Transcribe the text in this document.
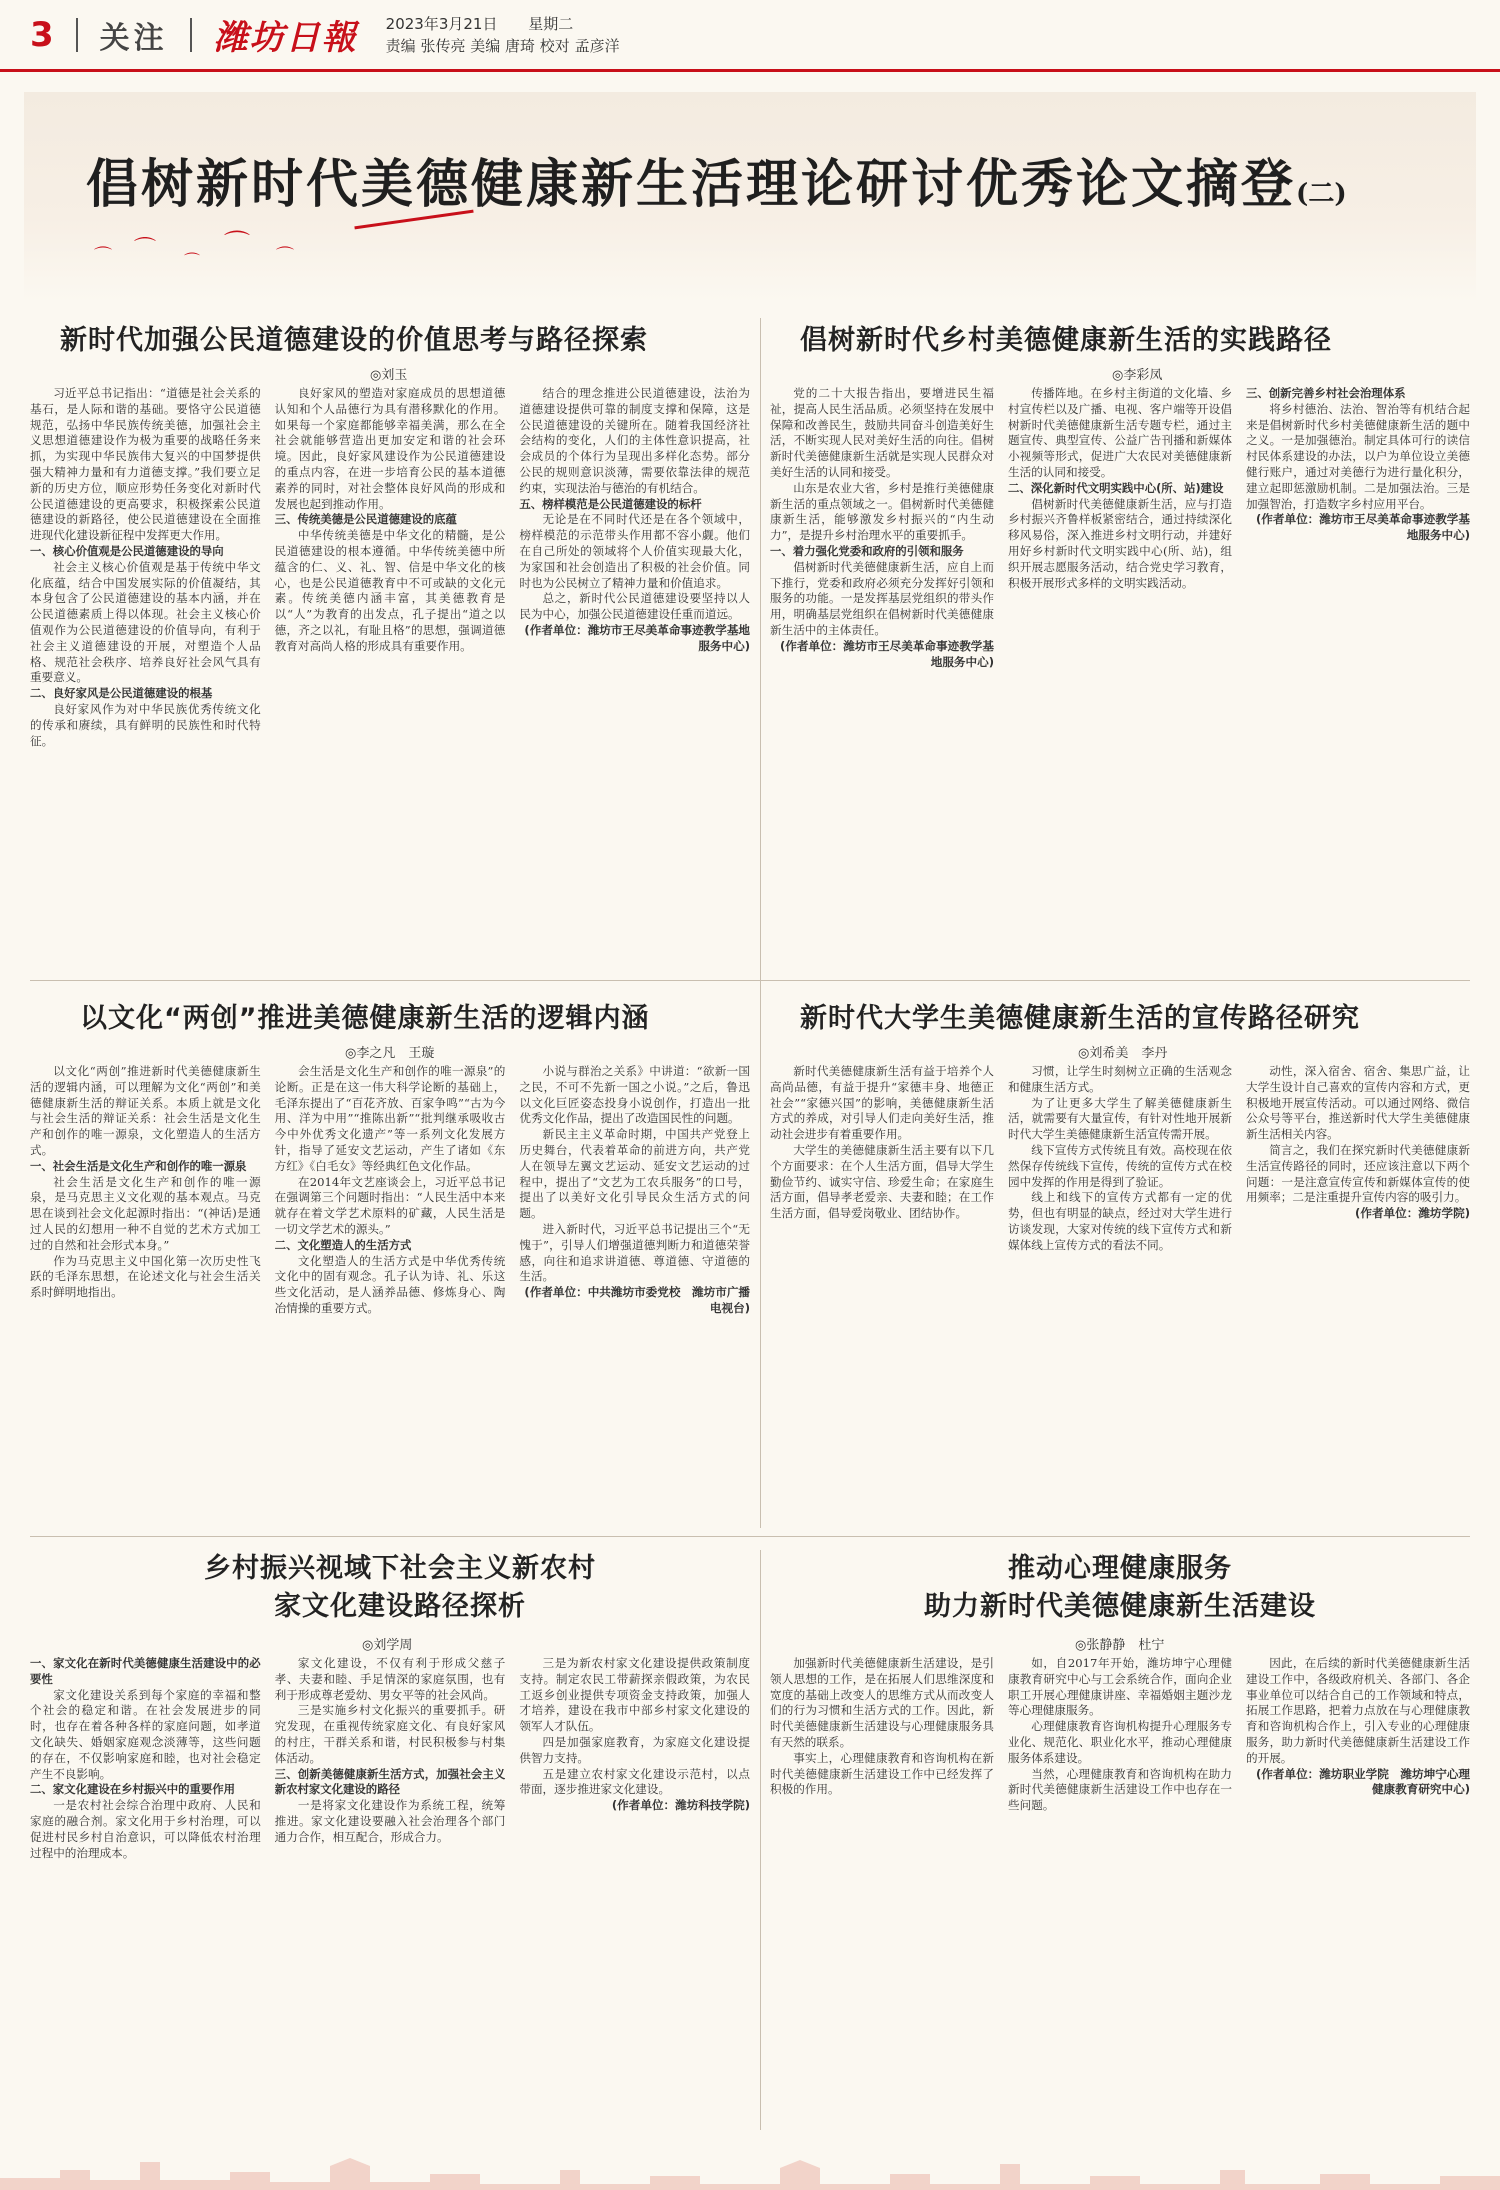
3 关注 潍坊日報 2023年3月21日 星期二
责编 张传亮 美编 唐琦 校对 孟彦洋
⌒ ⌒ ⌒
⌒ ⌒
倡树新时代美德健康新生活理论研讨优秀论文摘登(二)
新时代加强公民道德建设的价值思考与路径探索
◎刘玉

习近平总书记指出：“道德是社会关系的基石，是人际和谐的基础。要恪守公民道德规范，弘扬中华民族传统美德，加强社会主义思想道德建设作为极为重要的战略任务来抓，为实现中华民族伟大复兴的中国梦提供强大精神力量和有力道德支撑。”我们要立足新的历史方位，顺应形势任务变化对新时代公民道德建设的更高要求，积极探索公民道德建设的新路径，使公民道德建设在全面推进现代化建设新征程中发挥更大作用。

一、核心价值观是公民道德建设的导向

社会主义核心价值观是基于传统中华文化底蕴，结合中国发展实际的价值凝结，其本身包含了公民道德建设的基本内涵，并在公民道德素质上得以体现。社会主义核心价值观作为公民道德建设的价值导向，有利于社会主义道德建设的开展，对塑造个人品格、规范社会秩序、培养良好社会风气具有重要意义。

二、良好家风是公民道德建设的根基

良好家风作为对中华民族优秀传统文化的传承和赓续，具有鲜明的民族性和时代特征。

良好家风的塑造对家庭成员的思想道德认知和个人品德行为具有潜移默化的作用。如果每一个家庭都能够幸福美满，那么在全社会就能够营造出更加安定和谐的社会环境。因此，良好家风建设作为公民道德建设的重点内容，在进一步培育公民的基本道德素养的同时，对社会整体良好风尚的形成和发展也起到推动作用。

三、传统美德是公民道德建设的底蕴

中华传统美德是中华文化的精髓，是公民道德建设的根本遵循。中华传统美德中所蕴含的仁、义、礼、智、信是中华文化的核心，也是公民道德教育中不可或缺的文化元素。传统美德内涵丰富，其美德教育是以“人”为教育的出发点，孔子提出“道之以德，齐之以礼，有耻且格”的思想，强调道德教育对高尚人格的形成具有重要作用。

结合的理念推进公民道德建设，法治为道德建设提供可靠的制度支撑和保障，这是公民道德建设的关键所在。随着我国经济社会结构的变化，人们的主体性意识提高，社会成员的个体行为呈现出多样化态势。部分公民的规则意识淡薄，需要依靠法律的规范约束，实现法治与德治的有机结合。

五、榜样模范是公民道德建设的标杆

无论是在不同时代还是在各个领域中，榜样模范的示范带头作用都不容小觑。他们在自己所处的领域将个人价值实现最大化，为家国和社会创造出了积极的社会价值。同时也为公民树立了精神力量和价值追求。

总之，新时代公民道德建设要坚持以人民为中心，加强公民道德建设任重而道远。

(作者单位：潍坊市王尽美革命事迹教学基地服务中心)

倡树新时代乡村美德健康新生活的实践路径
◎李彩凤

党的二十大报告指出，要增进民生福祉，提高人民生活品质。必须坚持在发展中保障和改善民生，鼓励共同奋斗创造美好生活，不断实现人民对美好生活的向往。倡树新时代美德健康新生活就是实现人民群众对美好生活的认同和接受。

山东是农业大省，乡村是推行美德健康新生活的重点领域之一。倡树新时代美德健康新生活，能够激发乡村振兴的“内生动力”，是提升乡村治理水平的重要抓手。

一、着力强化党委和政府的引领和服务

倡树新时代美德健康新生活，应自上而下推行，党委和政府必须充分发挥好引领和服务的功能。一是发挥基层党组织的带头作用，明确基层党组织在倡树新时代美德健康新生活中的主体责任。

(作者单位：潍坊市王尽美革命事迹教学基地服务中心)

传播阵地。在乡村主街道的文化墙、乡村宣传栏以及广播、电视、客户端等开设倡树新时代美德健康新生活专题专栏，通过主题宣传、典型宣传、公益广告刊播和新媒体小视频等形式，促进广大农民对美德健康新生活的认同和接受。

二、深化新时代文明实践中心(所、站)建设

倡树新时代美德健康新生活，应与打造乡村振兴齐鲁样板紧密结合，通过持续深化移风易俗，深入推进乡村文明行动，并建好用好乡村新时代文明实践中心(所、站)，组织开展志愿服务活动，结合党史学习教育，积极开展形式多样的文明实践活动。

三、创新完善乡村社会治理体系

将乡村德治、法治、智治等有机结合起来是倡树新时代乡村美德健康新生活的题中之义。一是加强德治。制定具体可行的读信村民体系建设的办法，以户为单位设立美德健行账户，通过对美德行为进行量化积分，建立起即惩激励机制。二是加强法治。三是加强智治，打造数字乡村应用平台。

(作者单位：潍坊市王尽美革命事迹教学基地服务中心)

以文化“两创”推进美德健康新生活的逻辑内涵
◎李之凡　王璇

以文化“两创”推进新时代美德健康新生活的逻辑内涵，可以理解为文化“两创”和美德健康新生活的辩证关系。本质上就是文化与社会生活的辩证关系：社会生活是文化生产和创作的唯一源泉，文化塑造人的生活方式。

一、社会生活是文化生产和创作的唯一源泉

社会生活是文化生产和创作的唯一源泉，是马克思主义文化观的基本观点。马克思在谈到社会文化起源时指出：“(神话)是通过人民的幻想用一种不自觉的艺术方式加工过的自然和社会形式本身。”

作为马克思主义中国化第一次历史性飞跃的毛泽东思想，在论述文化与社会生活关系时鲜明地指出。

会生活是文化生产和创作的唯一源泉”的论断。正是在这一伟大科学论断的基础上，毛泽东提出了“百花齐放、百家争鸣”“古为今用、洋为中用”“推陈出新”“批判继承吸收古今中外优秀文化遗产”等一系列文化发展方针，指导了延安文艺运动，产生了诸如《东方红》《白毛女》等经典红色文化作品。

在2014年文艺座谈会上，习近平总书记在强调第三个问题时指出：“人民生活中本来就存在着文学艺术原料的矿藏，人民生活是一切文学艺术的源头。”

二、文化塑造人的生活方式

文化塑造人的生活方式是中华优秀传统文化中的固有观念。孔子认为诗、礼、乐这些文化活动，是人涵养品德、修炼身心、陶冶情操的重要方式。

小说与群治之关系》中讲道：“欲新一国之民，不可不先新一国之小说。”之后，鲁迅以文化巨匠姿态投身小说创作，打造出一批优秀文化作品，提出了改造国民性的问题。

新民主主义革命时期，中国共产党登上历史舞台，代表着革命的前进方向，共产党人在领导左翼文艺运动、延安文艺运动的过程中，提出了“文艺为工农兵服务”的口号，提出了以美好文化引导民众生活方式的问题。

进入新时代，习近平总书记提出三个“无愧于”，引导人们增强道德判断力和道德荣誉感，向往和追求讲道德、尊道德、守道德的生活。

(作者单位：中共潍坊市委党校　潍坊市广播电视台)

新时代大学生美德健康新生活的宣传路径研究
◎刘希美　李丹

新时代美德健康新生活有益于培养个人高尚品德，有益于提升“家德丰身、地德正社会”“家德兴国”的影响，美德健康新生活方式的养成，对引导人们走向美好生活，推动社会进步有着重要作用。

大学生的美德健康新生活主要有以下几个方面要求：在个人生活方面，倡导大学生勤俭节约、诚实守信、珍爱生命；在家庭生活方面，倡导孝老爱亲、夫妻和睦；在工作生活方面，倡导爱岗敬业、团结协作。

习惯，让学生时刻树立正确的生活观念和健康生活方式。

为了让更多大学生了解美德健康新生活，就需要有大量宣传，有针对性地开展新时代大学生美德健康新生活宣传需开展。

线下宣传方式传统且有效。高校现在依然保存传统线下宣传，传统的宣传方式在校园中发挥的作用是得到了验证。

线上和线下的宣传方式都有一定的优势，但也有明显的缺点，经过对大学生进行访谈发现，大家对传统的线下宣传方式和新媒体线上宣传方式的看法不同。

动性，深入宿舍、宿舍、集思广益，让大学生设计自己喜欢的宣传内容和方式，更积极地开展宣传活动。可以通过网络、微信公众号等平台，推送新时代大学生美德健康新生活相关内容。

简言之，我们在探究新时代美德健康新生活宣传路径的同时，还应该注意以下两个问题：一是注意宣传宣传和新媒体宣传的使用频率；二是注重提升宣传内容的吸引力。

(作者单位：潍坊学院)

乡村振兴视域下社会主义新农村
家文化建设路径探析
◎刘学周

一、家文化在新时代美德健康生活建设中的必要性

家文化建设关系到每个家庭的幸福和整个社会的稳定和谐。在社会发展进步的同时，也存在着各种各样的家庭问题，如孝道文化缺失、婚姻家庭观念淡薄等，这些问题的存在，不仅影响家庭和睦，也对社会稳定产生不良影响。

二、家文化建设在乡村振兴中的重要作用

一是农村社会综合治理中政府、人民和家庭的融合剂。家文化用于乡村治理，可以促进村民乡村自治意识，可以降低农村治理过程中的治理成本。

家文化建设，不仅有利于形成父慈子孝、夫妻和睦、手足情深的家庭氛围，也有利于形成尊老爱幼、男女平等的社会风尚。

三是实施乡村文化振兴的重要抓手。研究发现，在重视传统家庭文化、有良好家风的村庄，干群关系和谐，村民积极参与村集体活动。

三、创新美德健康新生活方式，加强社会主义新农村家文化建设的路径

一是将家文化建设作为系统工程，统筹推进。家文化建设要融入社会治理各个部门通力合作，相互配合，形成合力。

三是为新农村家文化建设提供政策制度支持。制定农民工带薪探亲假政策，为农民工返乡创业提供专项资金支持政策，加强人才培养，建设在我市中部乡村家文化建设的领军人才队伍。

四是加强家庭教育，为家庭文化建设提供智力支持。

五是建立农村家文化建设示范村，以点带面，逐步推进家文化建设。

(作者单位：潍坊科技学院)

推动心理健康服务
助力新时代美德健康新生活建设
◎张静静　杜宁

加强新时代美德健康新生活建设，是引领人思想的工作，是在拓展人们思维深度和宽度的基础上改变人的思维方式从而改变人们的行为习惯和生活方式的工作。因此，新时代美德健康新生活建设与心理健康服务具有天然的联系。

事实上，心理健康教育和咨询机构在新时代美德健康新生活建设工作中已经发挥了积极的作用。

如，自2017年开始，潍坊坤宁心理健康教育研究中心与工会系统合作，面向企业职工开展心理健康讲座、幸福婚姻主题沙龙等心理健康服务。

心理健康教育咨询机构提升心理服务专业化、规范化、职业化水平，推动心理健康服务体系建设。

当然，心理健康教育和咨询机构在助力新时代美德健康新生活建设工作中也存在一些问题。

因此，在后续的新时代美德健康新生活建设工作中，各级政府机关、各部门、各企事业单位可以结合自己的工作领域和特点，拓展工作思路，把着力点放在与心理健康教育和咨询机构合作上，引入专业的心理健康服务，助力新时代美德健康新生活建设工作的开展。

(作者单位：潍坊职业学院　潍坊坤宁心理健康教育研究中心)
